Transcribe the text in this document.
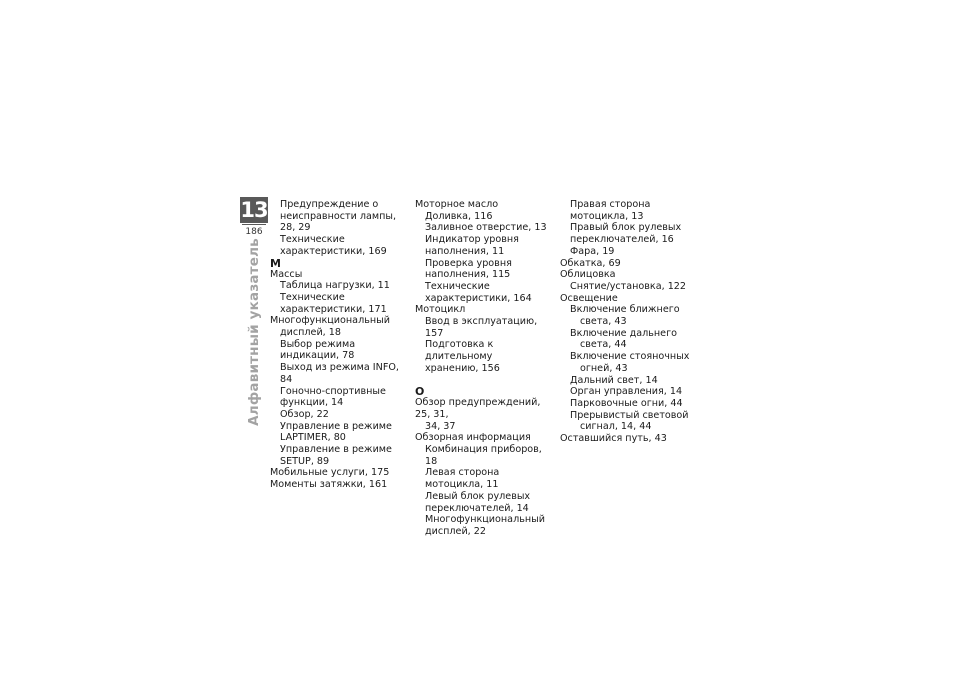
13
186
Алфавитный указатель
Предупреждение о
неисправности лампы, 28, 29
Технические
характеристики, 169
М
Массы
Таблица нагрузки, 11
Технические
характеристики, 171
Многофункциональный
дисплей, 18
Выбор режима индикации, 78
Выход из режима INFO, 84
Гоночно-спортивные
функции, 14
Обзор, 22
Управление в режиме
LAPTIMER, 80
Управление в режиме
SETUP, 89
Мобильные услуги, 175
Моменты затяжки, 161
Моторное масло
Доливка, 116
Заливное отверстие, 13
Индикатор уровня
наполнения, 11
Проверка уровня
наполнения, 115
Технические
характеристики, 164
Мотоцикл
Ввод в эксплуатацию, 157
Подготовка к длительному
хранению, 156
О
Обзор предупреждений, 25, 31,
34, 37
Обзорная информация
Комбинация приборов, 18
Левая сторона мотоцикла, 11
Левый блок рулевых
переключателей, 14
Многофункциональный
дисплей, 22
Правая сторона
мотоцикла, 13
Правый блок рулевых
переключателей, 16
Фара, 19
Обкатка, 69
Облицовка
Снятие/установка, 122
Освещение
Включение ближнего
света, 43
Включение дальнего
света, 44
Включение стояночных
огней, 43
Дальний свет, 14
Орган управления, 14
Парковочные огни, 44
Прерывистый световой
сигнал, 14, 44
Оставшийся путь, 43
